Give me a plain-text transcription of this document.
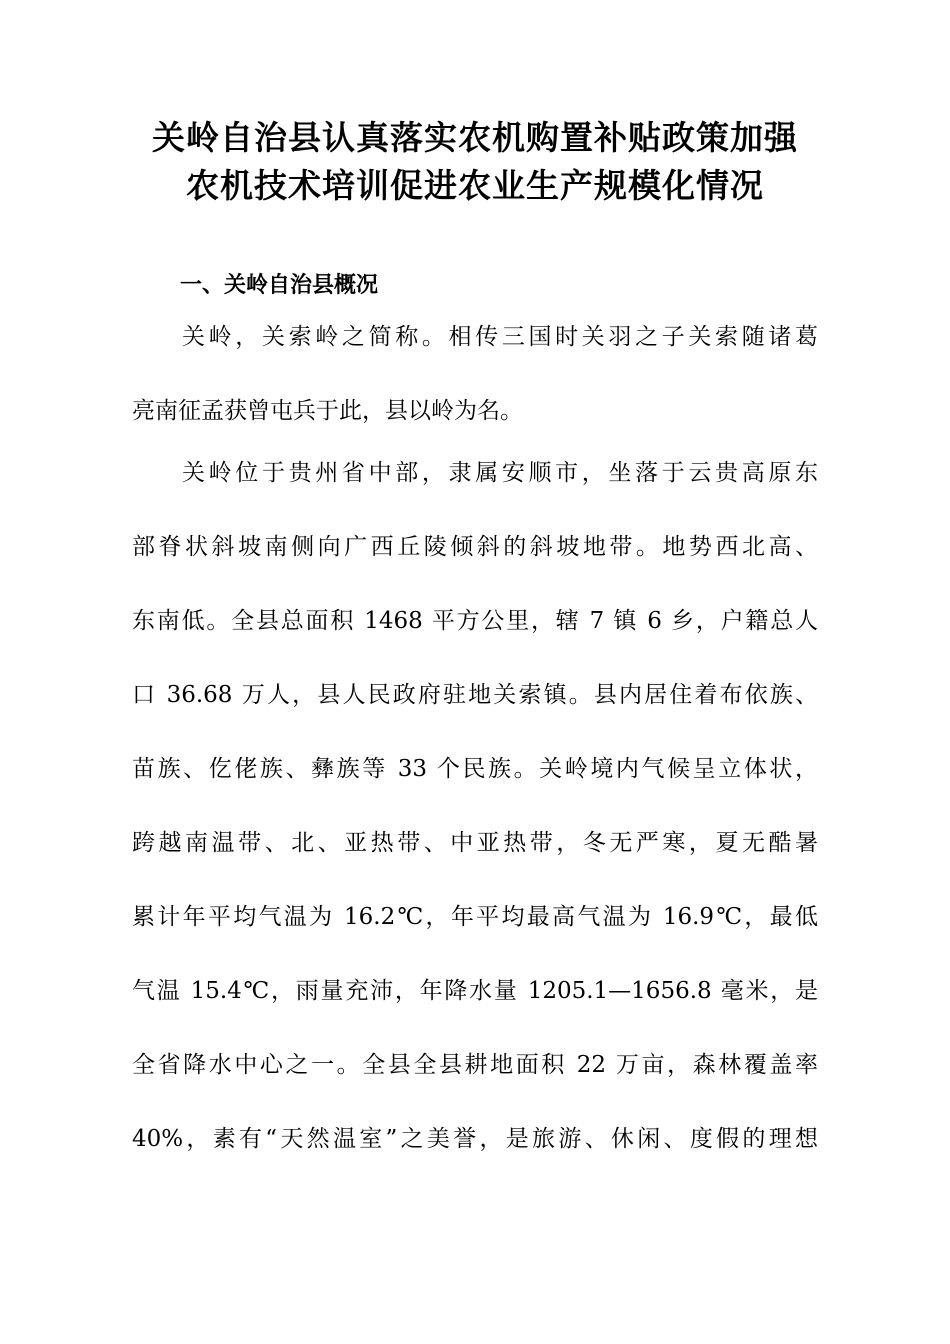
关岭自治县认真落实农机购置补贴政策加强
农机技术培训促进农业生产规模化情况
一、关岭自治县概况
关岭，关索岭之简称。相传三国时关羽之子关索随诸葛
亮南征孟获曾屯兵于此，县以岭为名。
关岭位于贵州省中部，隶属安顺市，坐落于云贵高原东
部脊状斜坡南侧向广西丘陵倾斜的斜坡地带。地势西北高、
东南低。全县总面积 1468 平方公里，辖 7 镇 6 乡，户籍总人
口 36.68 万人，县人民政府驻地关索镇。县内居住着布依族、
苗族、仡佬族、彝族等 33 个民族。关岭境内气候呈立体状，
跨越南温带、北、亚热带、中亚热带，冬无严寒，夏无酷暑
累计年平均气温为 16.2℃，年平均最高气温为 16.9℃，最低
气温 15.4℃，雨量充沛，年降水量 1205.1—1656.8 毫米，是
全省降水中心之一。全县全县耕地面积 22 万亩，森林覆盖率
40%，素有“天然温室”之美誉，是旅游、休闲、度假的理想
